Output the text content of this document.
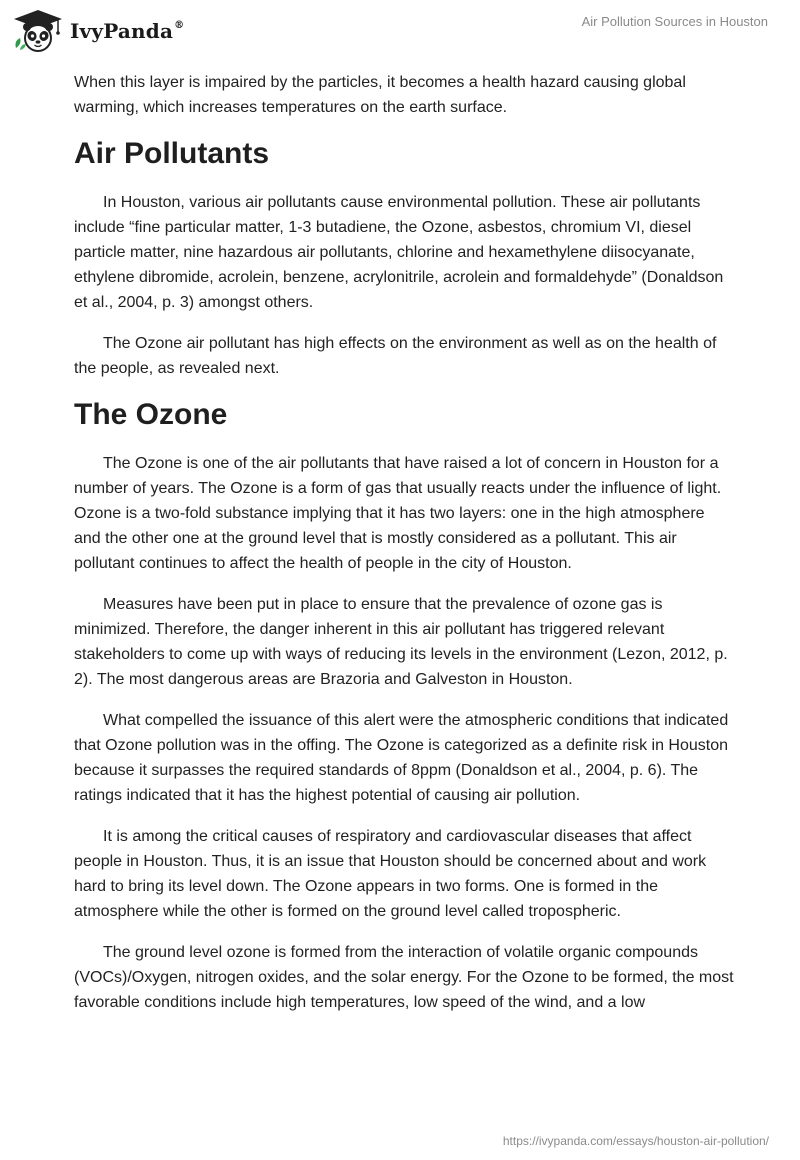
IvyPanda®	Air Pollution Sources in Houston

When this layer is impaired by the particles, it becomes a health hazard causing global warming, which increases temperatures on the earth surface.

Air Pollutants

In Houston, various air pollutants cause environmental pollution. These air pollutants include “fine particular matter, 1-3 butadiene, the Ozone, asbestos, chromium VI, diesel particle matter, nine hazardous air pollutants, chlorine and hexamethylene diisocyanate, ethylene dibromide, acrolein, benzene, acrylonitrile, acrolein and formaldehyde” (Donaldson et al., 2004, p. 3) amongst others.

The Ozone air pollutant has high effects on the environment as well as on the health of the people, as revealed next.

The Ozone

The Ozone is one of the air pollutants that have raised a lot of concern in Houston for a number of years. The Ozone is a form of gas that usually reacts under the influence of light. Ozone is a two-fold substance implying that it has two layers: one in the high atmosphere and the other one at the ground level that is mostly considered as a pollutant. This air pollutant continues to affect the health of people in the city of Houston.

Measures have been put in place to ensure that the prevalence of ozone gas is minimized. Therefore, the danger inherent in this air pollutant has triggered relevant stakeholders to come up with ways of reducing its levels in the environment (Lezon, 2012, p. 2). The most dangerous areas are Brazoria and Galveston in Houston.

What compelled the issuance of this alert were the atmospheric conditions that indicated that Ozone pollution was in the offing. The Ozone is categorized as a definite risk in Houston because it surpasses the required standards of 8ppm (Donaldson et al., 2004, p. 6). The ratings indicated that it has the highest potential of causing air pollution.

It is among the critical causes of respiratory and cardiovascular diseases that affect people in Houston. Thus, it is an issue that Houston should be concerned about and work hard to bring its level down. The Ozone appears in two forms. One is formed in the atmosphere while the other is formed on the ground level called tropospheric.

The ground level ozone is formed from the interaction of volatile organic compounds (VOCs)/Oxygen, nitrogen oxides, and the solar energy. For the Ozone to be formed, the most favorable conditions include high temperatures, low speed of the wind, and a low

https://ivypanda.com/essays/houston-air-pollution/
